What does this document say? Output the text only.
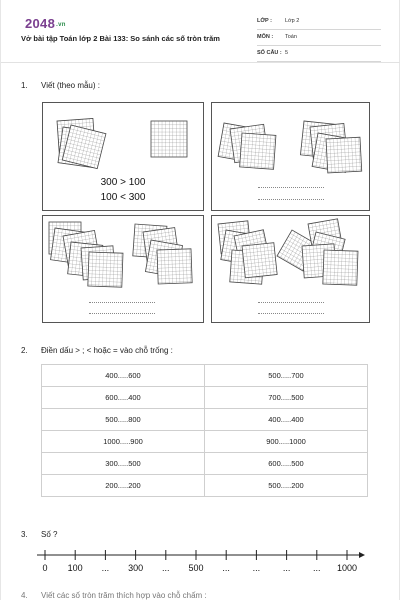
2048.vn
Vở bài tập Toán lớp 2 Bài 133: So sánh các số tròn trăm
LỚP : Lớp 2
MÔN : Toán
SỐ CÂU : 5
1. Viết (theo mẫu) :
300 > 100
100 < 300
2. Điền dấu > ; < hoặc = vào chỗ trống :
400.....600	500.....700
600.....400	700.....500
500.....800	400.....400
1000.....900	900.....1000
300.....500	600.....500
200.....200	500.....200
3. Số ?
0 100 ... 300 ... 500 ...	...	...	... 1000
4. Viết các số tròn trăm thích hợp vào chỗ chấm :
